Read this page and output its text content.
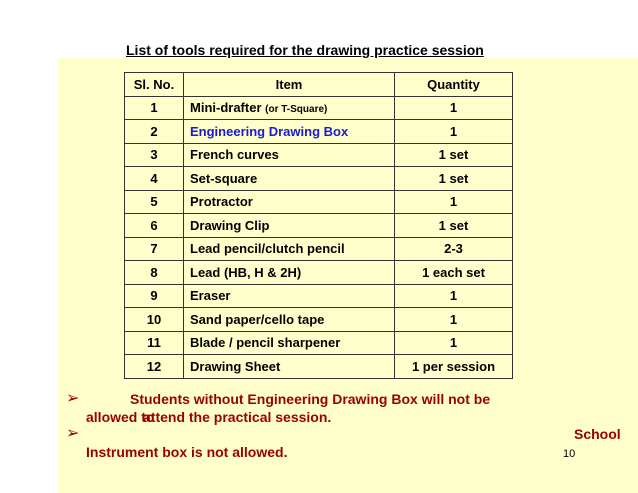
List of tools required for the drawing practice session
Sl. No.	Item	Quantity
1	Mini-drafter (or T-Square)	1
2	Engineering Drawing Box	1
3	French curves	1 set
4	Set-square	1 set
5	Protractor	1
6	Drawing Clip	1 set
7	Lead pencil/clutch pencil	2-3
8	Lead (HB, H & 2H)	1 each set
9	Eraser	1
10	Sand paper/cello tape	1
11	Blade / pencil sharpener	1
12	Drawing Sheet	1 per session
➢	Students without Engineering Drawing Box will not be
allowed to
attend the practical session.
➢	School
Instrument box is not allowed.	10
